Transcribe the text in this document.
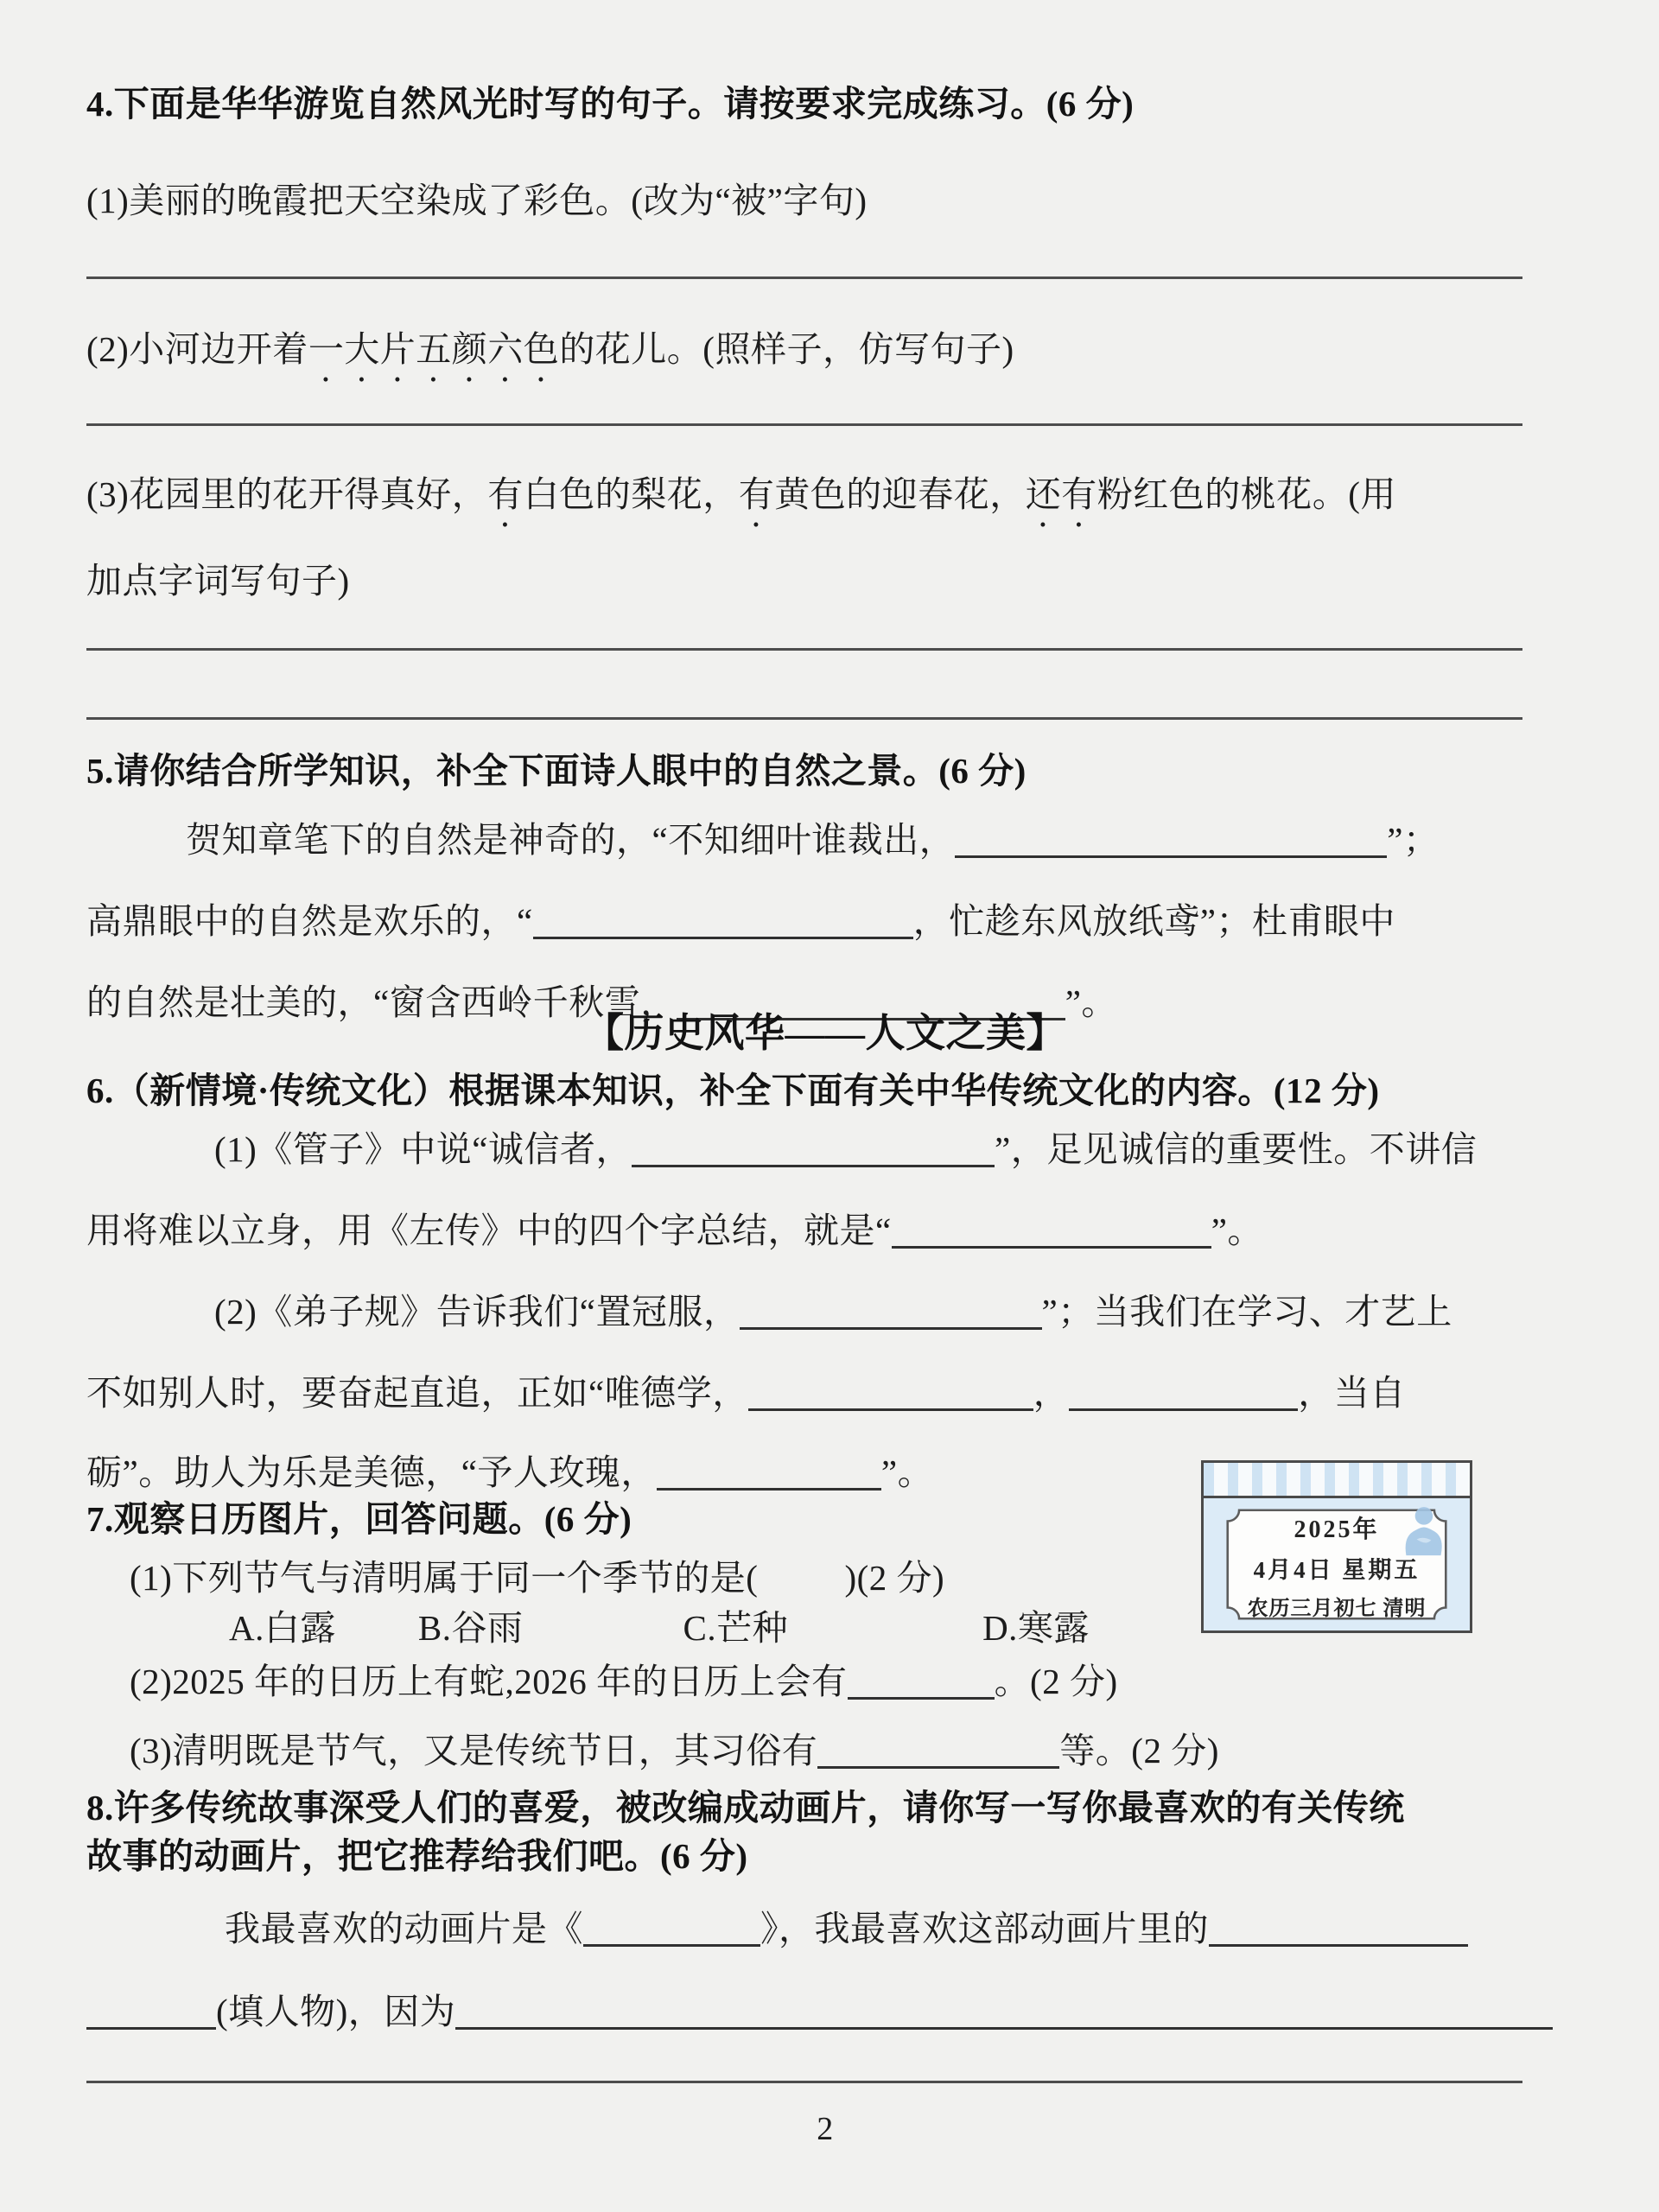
2025年
4月4日 星期五
农历三月初七 清明
4.下面是华华游览自然风光时写的句子。请按要求完成练习。(6 分)
(1)美丽的晚霞把天空染成了彩色。(改为“被”字句)
(2)小河边开着一大片五颜六色的花儿。(照样子，仿写句子)
(3)花园里的花开得真好，有白色的梨花，有黄色的迎春花，还有粉红色的桃花。(用
加点字词写句子)
5.请你结合所学知识，补全下面诗人眼中的自然之景。(6 分)
贺知章笔下的自然是神奇的，“不知细叶谁裁出，	”；
高鼎眼中的自然是欢乐的，“	，忙趁东风放纸鸢”；杜甫眼中
的自然是壮美的，“窗含西岭千秋雪，	”。
【历史风华——人文之美】
6.（新情境·传统文化）根据课本知识，补全下面有关中华传统文化的内容。(12 分)
(1)《管子》中说“诚信者，	”，足见诚信的重要性。不讲信
用将难以立身，用《左传》中的四个字总结，就是“	”。
(2)《弟子规》告诉我们“置冠服，	”；当我们在学习、才艺上
不如别人时，要奋起直追，正如“唯德学，	，	，当自
砺”。助人为乐是美德，“予人玫瑰，	”。
7.观察日历图片，回答问题。(6 分)
(1)下列节气与清明属于同一个季节的是( )(2 分)
A.白露 B.谷雨	C.芒种	D.寒露
(2)2025 年的日历上有蛇,2026 年的日历上会有	。(2 分)
(3)清明既是节气，又是传统节日，其习俗有	等。(2 分)
8.许多传统故事深受人们的喜爱，被改编成动画片，请你写一写你最喜欢的有关传统
故事的动画片，把它推荐给我们吧。(6 分)
我最喜欢的动画片是《	》，我最喜欢这部动画片里的
(填人物)，因为
2
